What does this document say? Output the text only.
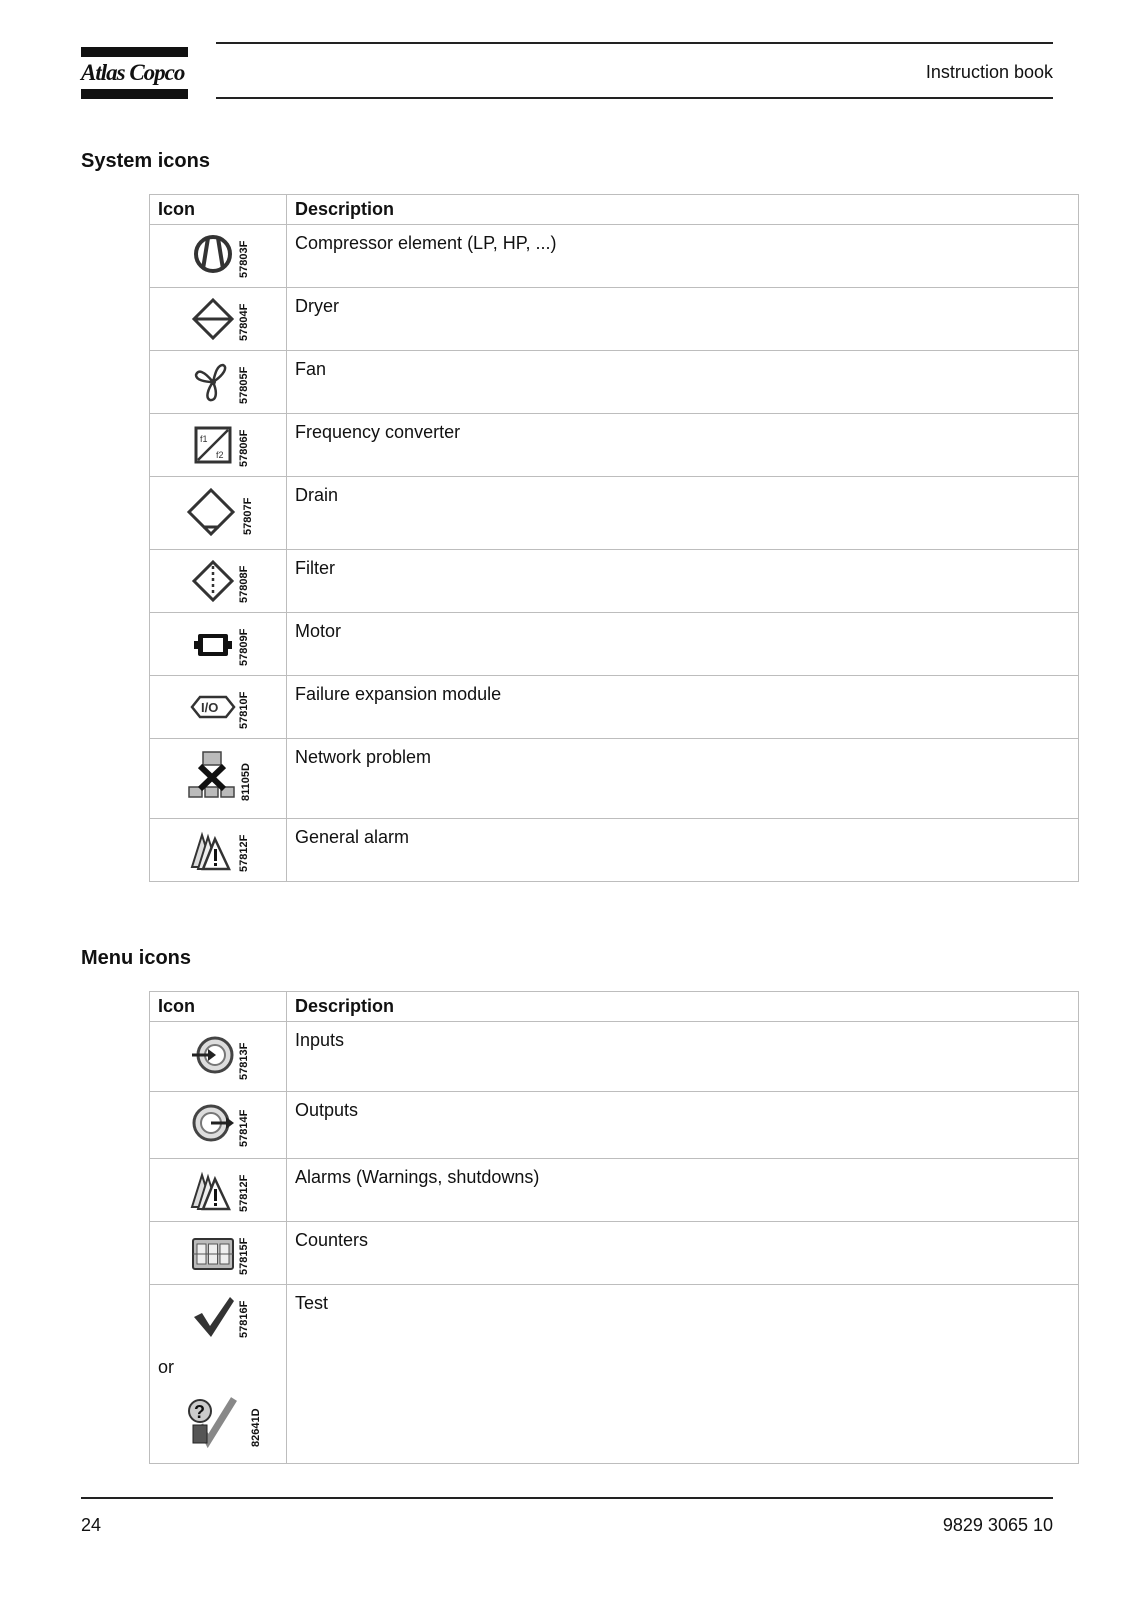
Atlas Copco	Instruction book
System icons
Icon	Description

57803F	Compressor element (LP, HP, ...)

57804F	Dryer

57805F	Fan

f1
f2 57806F	Frequency converter

57807F	Drain

57808F	Filter

57809F	Motor

I/O 57810F	Failure expansion module

81105D	Network problem

57812F	General alarm
Menu icons
Icon	Description

57813F	Inputs

57814F	Outputs

57812F	Alarms (Warnings, shutdowns)

57815F	Counters

57816F
or
? 82641D	Test
24	9829 3065 10
